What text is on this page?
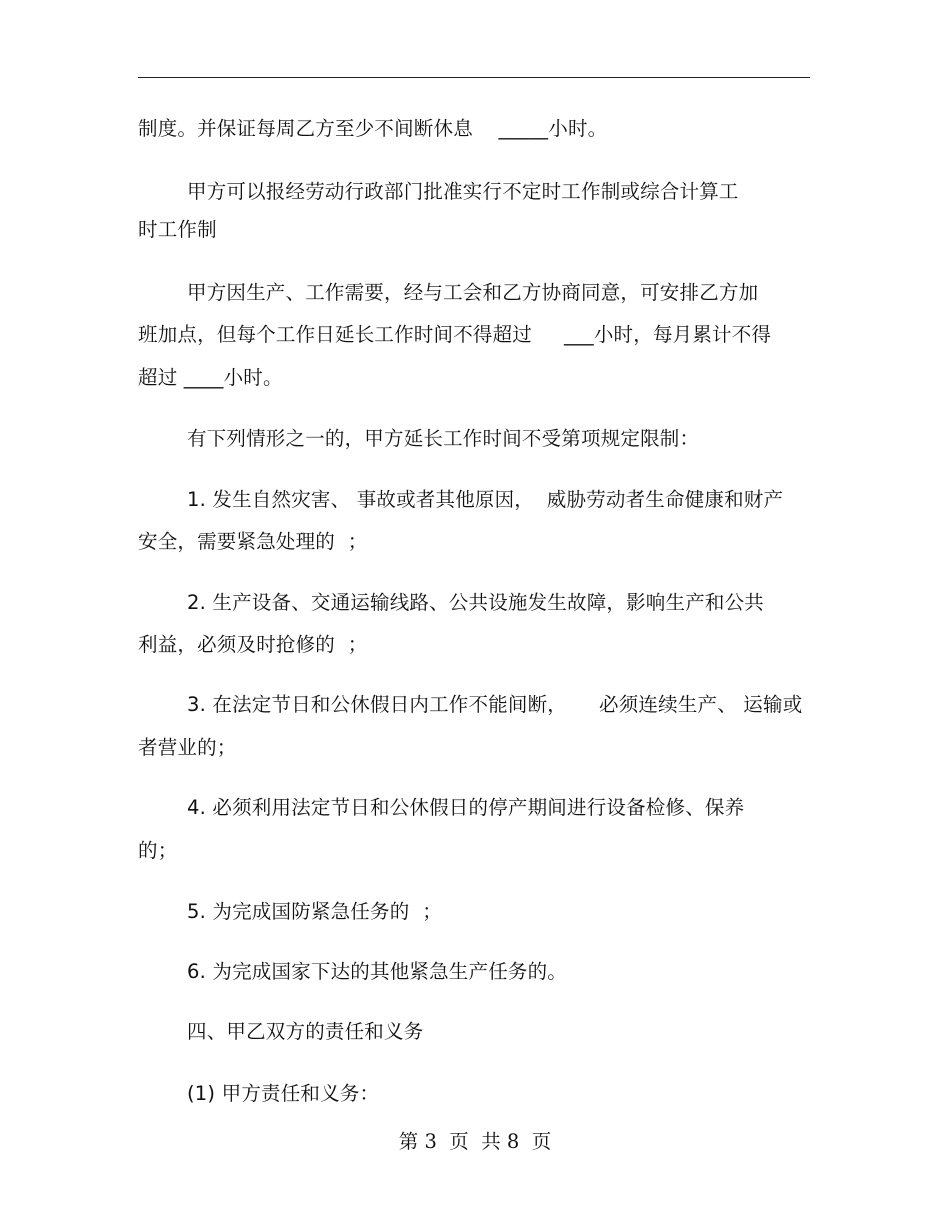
制度。并保证每周乙方至少不间断休息    _____小时。
甲方可以报经劳动行政部门批准实行不定时工作制或综合计算工
时工作制
甲方因生产、工作需要，经与工会和乙方协商同意，可安排乙方加
班加点，但每个工作日延长工作时间不得超过     ___小时，每月累计不得
超过 ____小时。
有下列情形之一的，甲方延长工作时间不受第项规定限制：
1. 发生自然灾害、 事故或者其他原因，  威胁劳动者生命健康和财产
安全，需要紧急处理的  ；
2. 生产设备、交通运输线路、公共设施发生故障，影响生产和公共
利益，必须及时抢修的  ；
3. 在法定节日和公休假日内工作不能间断，     必须连续生产、 运输或
者营业的；
4. 必须利用法定节日和公休假日的停产期间进行设备检修、保养
的；
5. 为完成国防紧急任务的  ；
6. 为完成国家下达的其他紧急生产任务的。
四、甲乙双方的责任和义务
(1) 甲方责任和义务：
第 3  页  共 8  页
